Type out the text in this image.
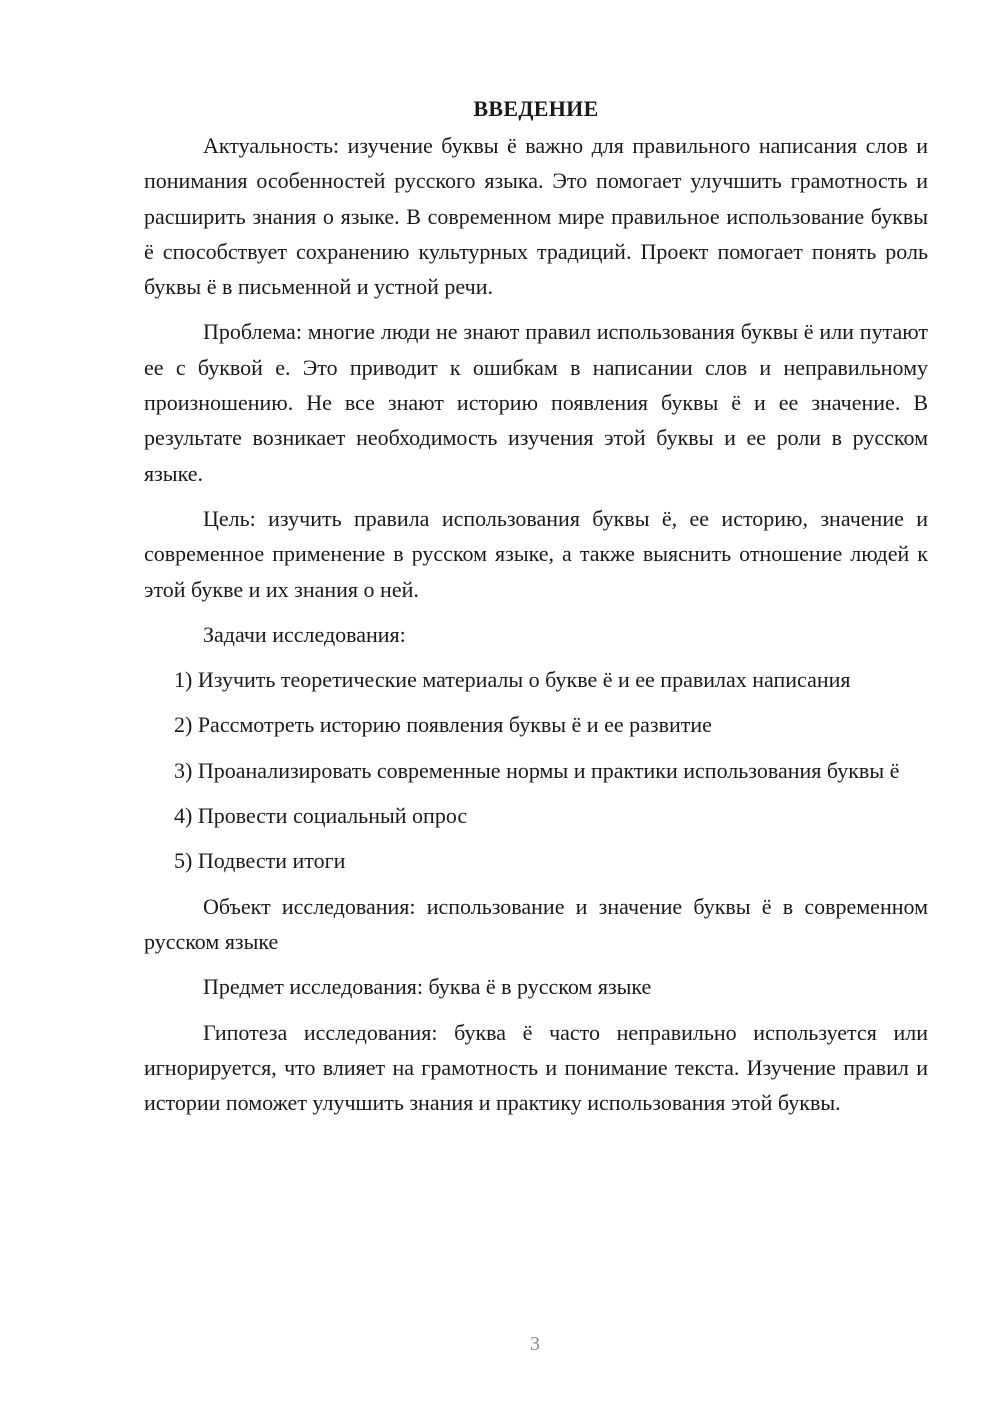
ВВЕДЕНИЕ

Актуальность: изучение буквы ё важно для правильного написания слов и понимания особенностей русского языка. Это помогает улучшить грамотность и расширить знания о языке. В современном мире правильное использование буквы ё способствует сохранению культурных традиций. Проект помогает понять роль буквы ё в письменной и устной речи.

Проблема: многие люди не знают правил использования буквы ё или путают ее с буквой е. Это приводит к ошибкам в написании слов и неправильному произношению. Не все знают историю появления буквы ё и ее значение. В результате возникает необходимость изучения этой буквы и ее роли в русском языке.

Цель: изучить правила использования буквы ё, ее историю, значение и современное применение в русском языке, а также выяснить отношение людей к этой букве и их знания о ней.

Задачи исследования:

1) Изучить теоретические материалы о букве ё и ее правилах написания

2) Рассмотреть историю появления буквы ё и ее развитие

3) Проанализировать современные нормы и практики использования буквы ё

4) Провести социальный опрос

5) Подвести итоги

Объект исследования: использование и значение буквы ё в современном русском языке

Предмет исследования: буква ё в русском языке

Гипотеза исследования: буква ё часто неправильно используется или игнорируется, что влияет на грамотность и понимание текста. Изучение правил и истории поможет улучшить знания и практику использования этой буквы.

3
